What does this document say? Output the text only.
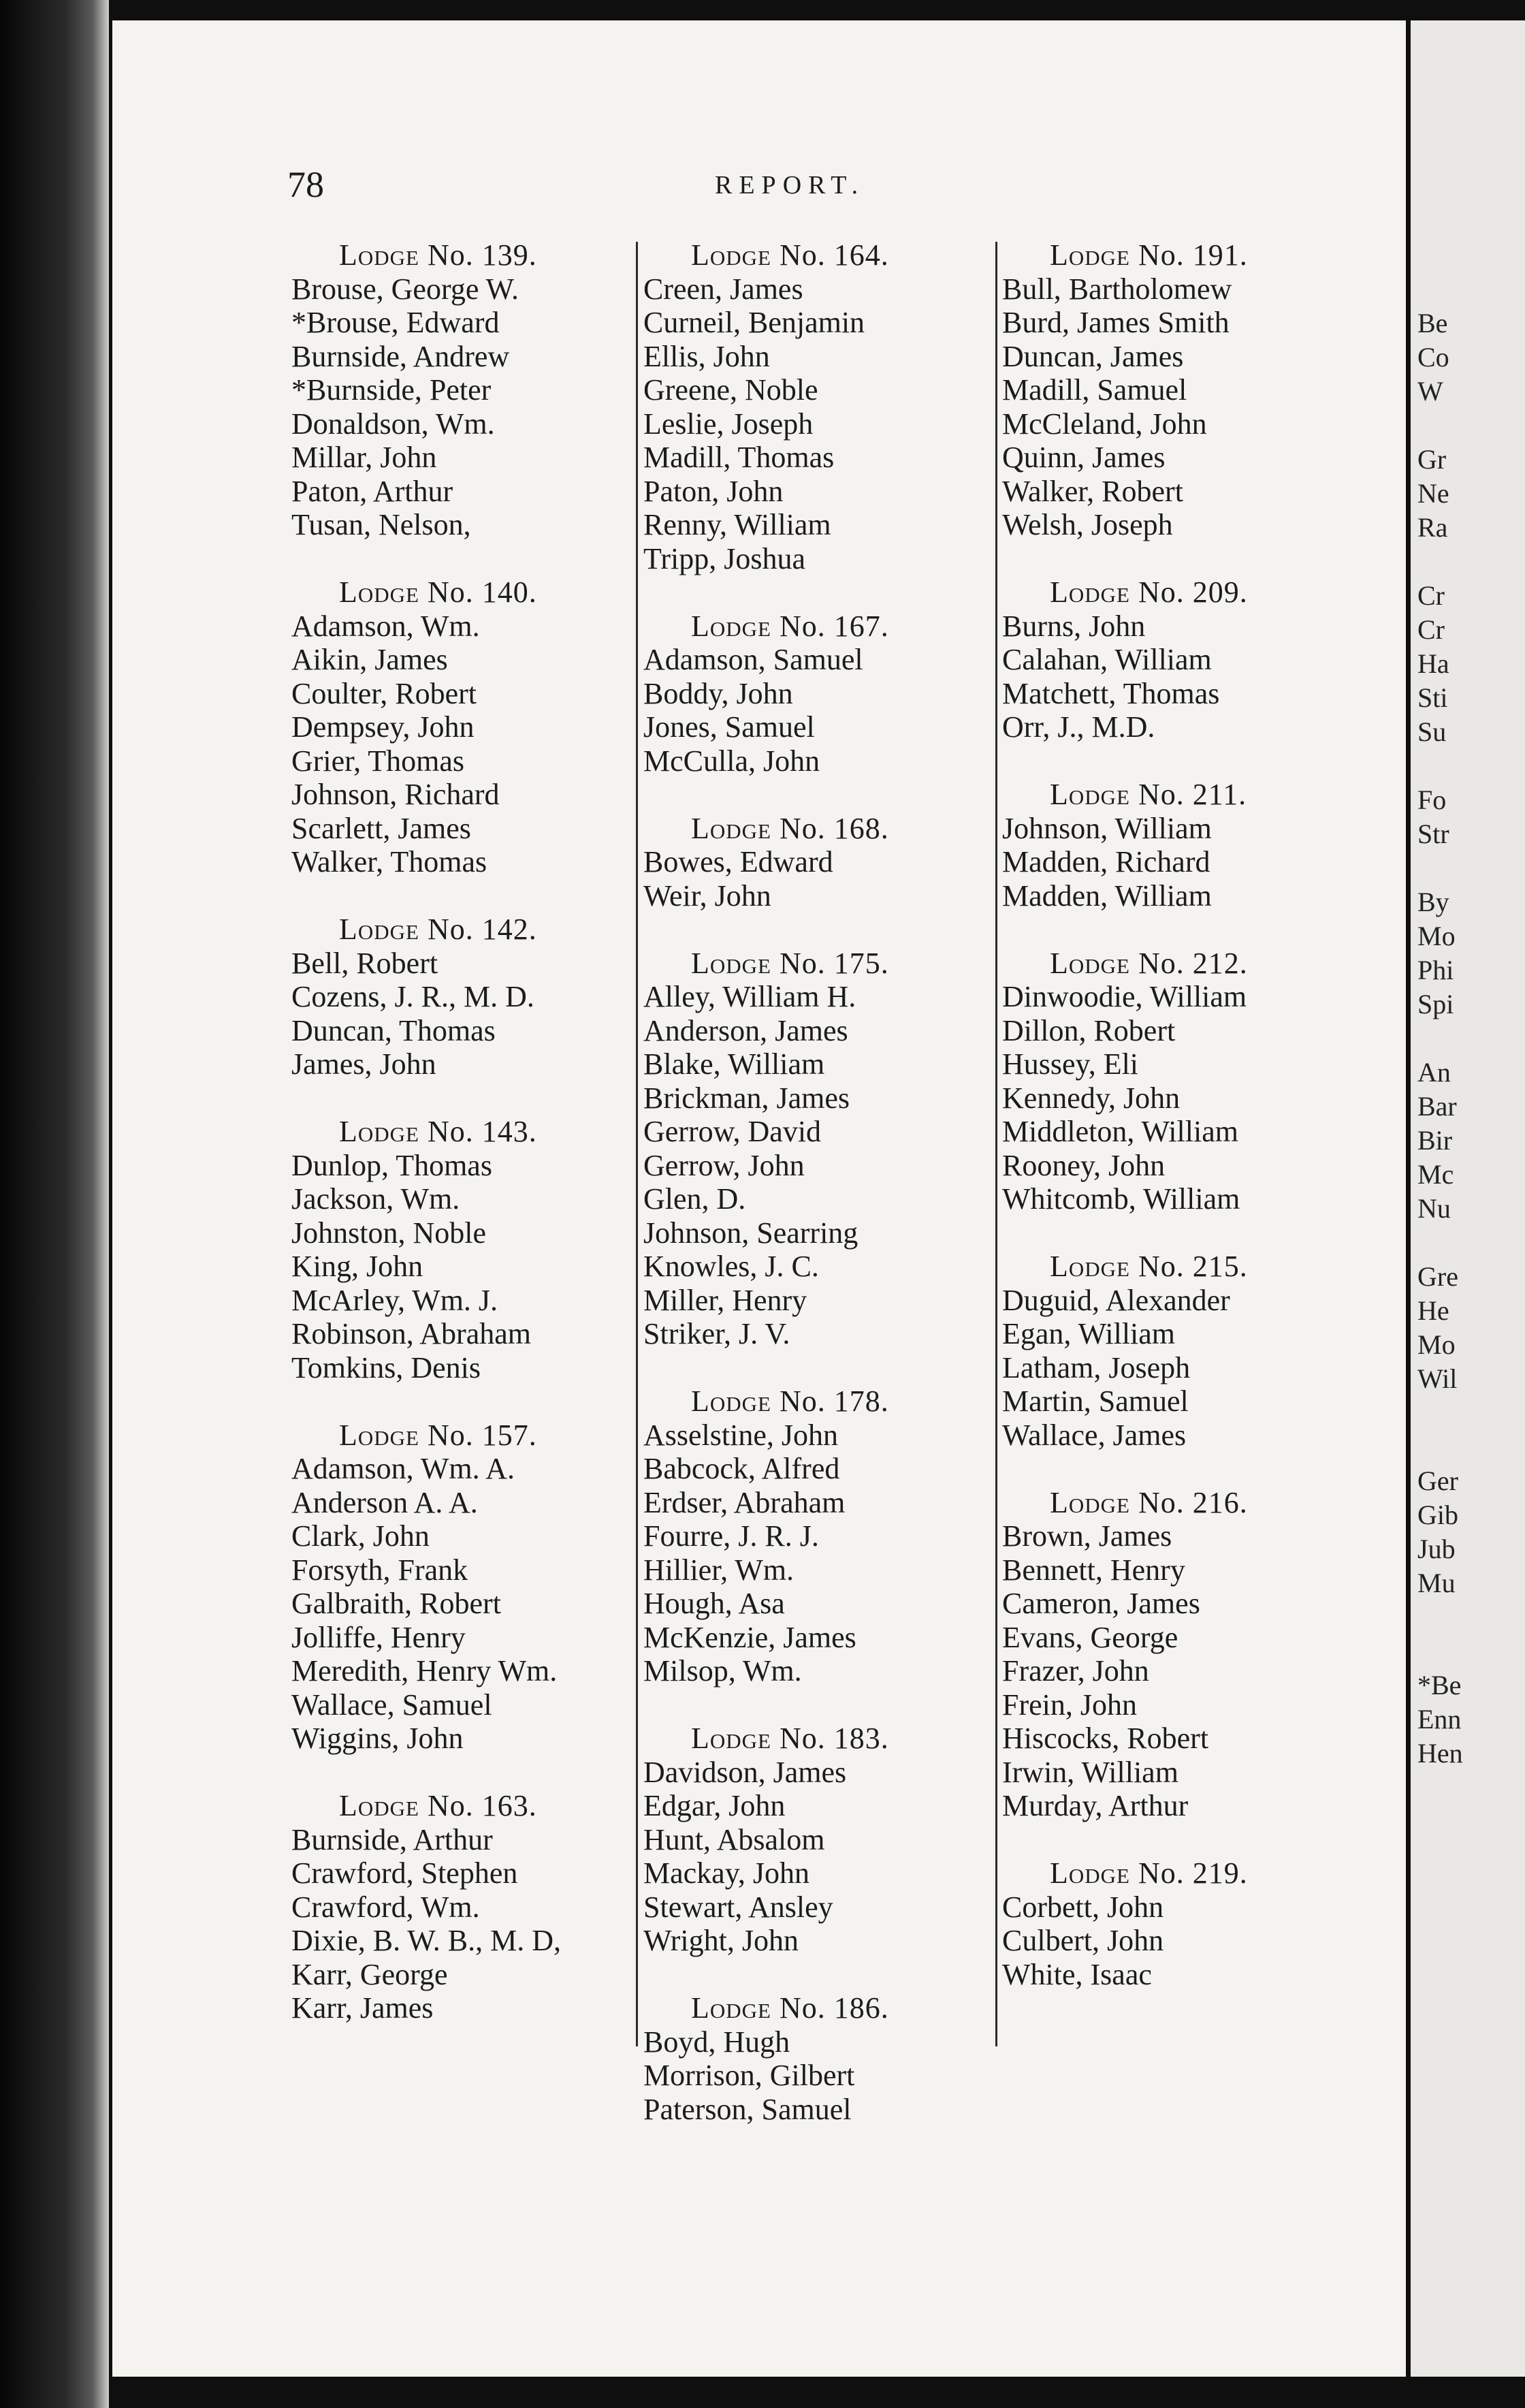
Be
Co
W

Gr
Ne
Ra

Cr
Cr
Ha
Sti
Su

Fo
Str

By
Mo
Phi
Spi

An
Bar
Bir
Mc
Nu

Gre
He
Mo
Wil

Ger
Gib
Jub
Mu

*Be
Enn
Hen
78	REPORT.
Lodge No. 139.
Brouse, George W.
*Brouse, Edward
Burnside, Andrew
*Burnside, Peter
Donaldson, Wm.
Millar, John
Paton, Arthur
Tusan, Nelson,
Lodge No. 140.
Adamson, Wm.
Aikin, James
Coulter, Robert
Dempsey, John
Grier, Thomas
Johnson, Richard
Scarlett, James
Walker, Thomas
Lodge No. 142.
Bell, Robert
Cozens, J. R., M. D.
Duncan, Thomas
James, John
Lodge No. 143.
Dunlop, Thomas
Jackson, Wm.
Johnston, Noble
King, John
McArley, Wm. J.
Robinson, Abraham
Tomkins, Denis
Lodge No. 157.
Adamson, Wm. A.
Anderson A. A.
Clark, John
Forsyth, Frank
Galbraith, Robert
Jolliffe, Henry
Meredith, Henry Wm.
Wallace, Samuel
Wiggins, John
Lodge No. 163.
Burnside, Arthur
Crawford, Stephen
Crawford, Wm.
Dixie, B. W. B., M. D,
Karr, George
Karr, James
Lodge No. 164.
Creen, James
Curneil, Benjamin
Ellis, John
Greene, Noble
Leslie, Joseph
Madill, Thomas
Paton, John
Renny, William
Tripp, Joshua
Lodge No. 167.
Adamson, Samuel
Boddy, John
Jones, Samuel
McCulla, John
Lodge No. 168.
Bowes, Edward
Weir, John
Lodge No. 175.
Alley, William H.
Anderson, James
Blake, William
Brickman, James
Gerrow, David
Gerrow, John
Glen, D.
Johnson, Searring
Knowles, J. C.
Miller, Henry
Striker, J. V.
Lodge No. 178.
Asselstine, John
Babcock, Alfred
Erdser, Abraham
Fourre, J. R. J.
Hillier, Wm.
Hough, Asa
McKenzie, James
Milsop, Wm.
Lodge No. 183.
Davidson, James
Edgar, John
Hunt, Absalom
Mackay, John
Stewart, Ansley
Wright, John
Lodge No. 186.
Boyd, Hugh
Morrison, Gilbert
Paterson, Samuel
Lodge No. 191.
Bull, Bartholomew
Burd, James Smith
Duncan, James
Madill, Samuel
McCleland, John
Quinn, James
Walker, Robert
Welsh, Joseph
Lodge No. 209.
Burns, John
Calahan, William
Matchett, Thomas
Orr, J., M.D.
Lodge No. 211.
Johnson, William
Madden, Richard
Madden, William
Lodge No. 212.
Dinwoodie, William
Dillon, Robert
Hussey, Eli
Kennedy, John
Middleton, William
Rooney, John
Whitcomb, William
Lodge No. 215.
Duguid, Alexander
Egan, William
Latham, Joseph
Martin, Samuel
Wallace, James
Lodge No. 216.
Brown, James
Bennett, Henry
Cameron, James
Evans, George
Frazer, John
Frein, John
Hiscocks, Robert
Irwin, William
Murday, Arthur
Lodge No. 219.
Corbett, John
Culbert, John
White, Isaac
